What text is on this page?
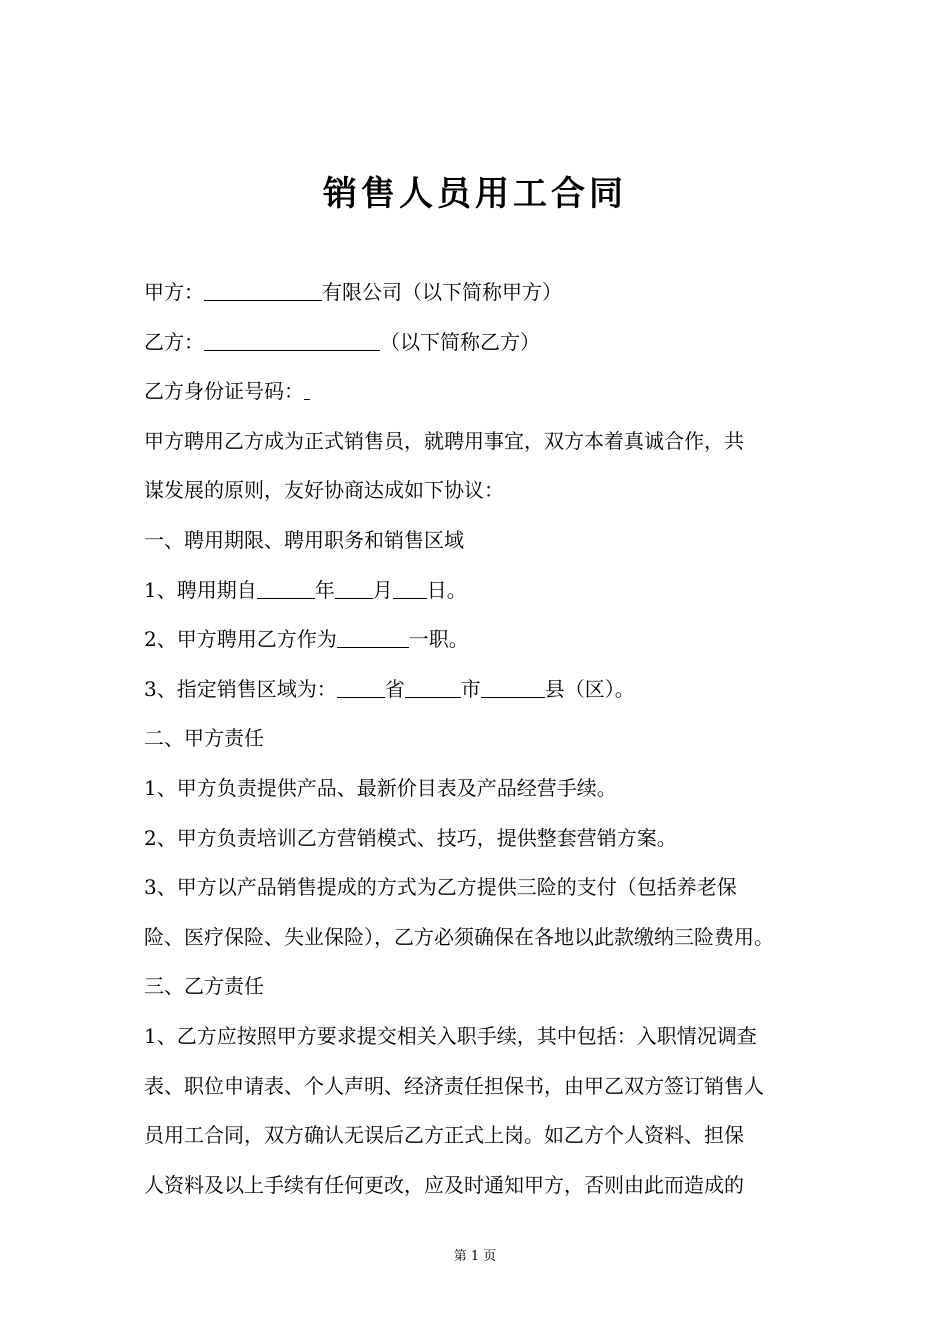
销售人员用工合同
甲方：	有限公司（以下简称甲方）
乙方：	（以下简称乙方）
乙方身份证号码：
甲方聘用乙方成为正式销售员，就聘用事宜，双方本着真诚合作，共
谋发展的原则，友好协商达成如下协议：
一、聘用期限、聘用职务和销售区域
1、聘用期自	年 月 日。
2、甲方聘用乙方作为	一职。
3、指定销售区域为： 省	市	县（区）。
二、甲方责任
1、甲方负责提供产品、最新价目表及产品经营手续。
2、甲方负责培训乙方营销模式、技巧，提供整套营销方案。
3、甲方以产品销售提成的方式为乙方提供三险的支付（包括养老保
险、医疗保险、失业保险），乙方必须确保在各地以此款缴纳三险费用。
三、乙方责任
1、乙方应按照甲方要求提交相关入职手续，其中包括：入职情况调查
表、职位申请表、个人声明、经济责任担保书，由甲乙双方签订销售人
员用工合同，双方确认无误后乙方正式上岗。如乙方个人资料、担保
人资料及以上手续有任何更改，应及时通知甲方，否则由此而造成的
第 1 页
